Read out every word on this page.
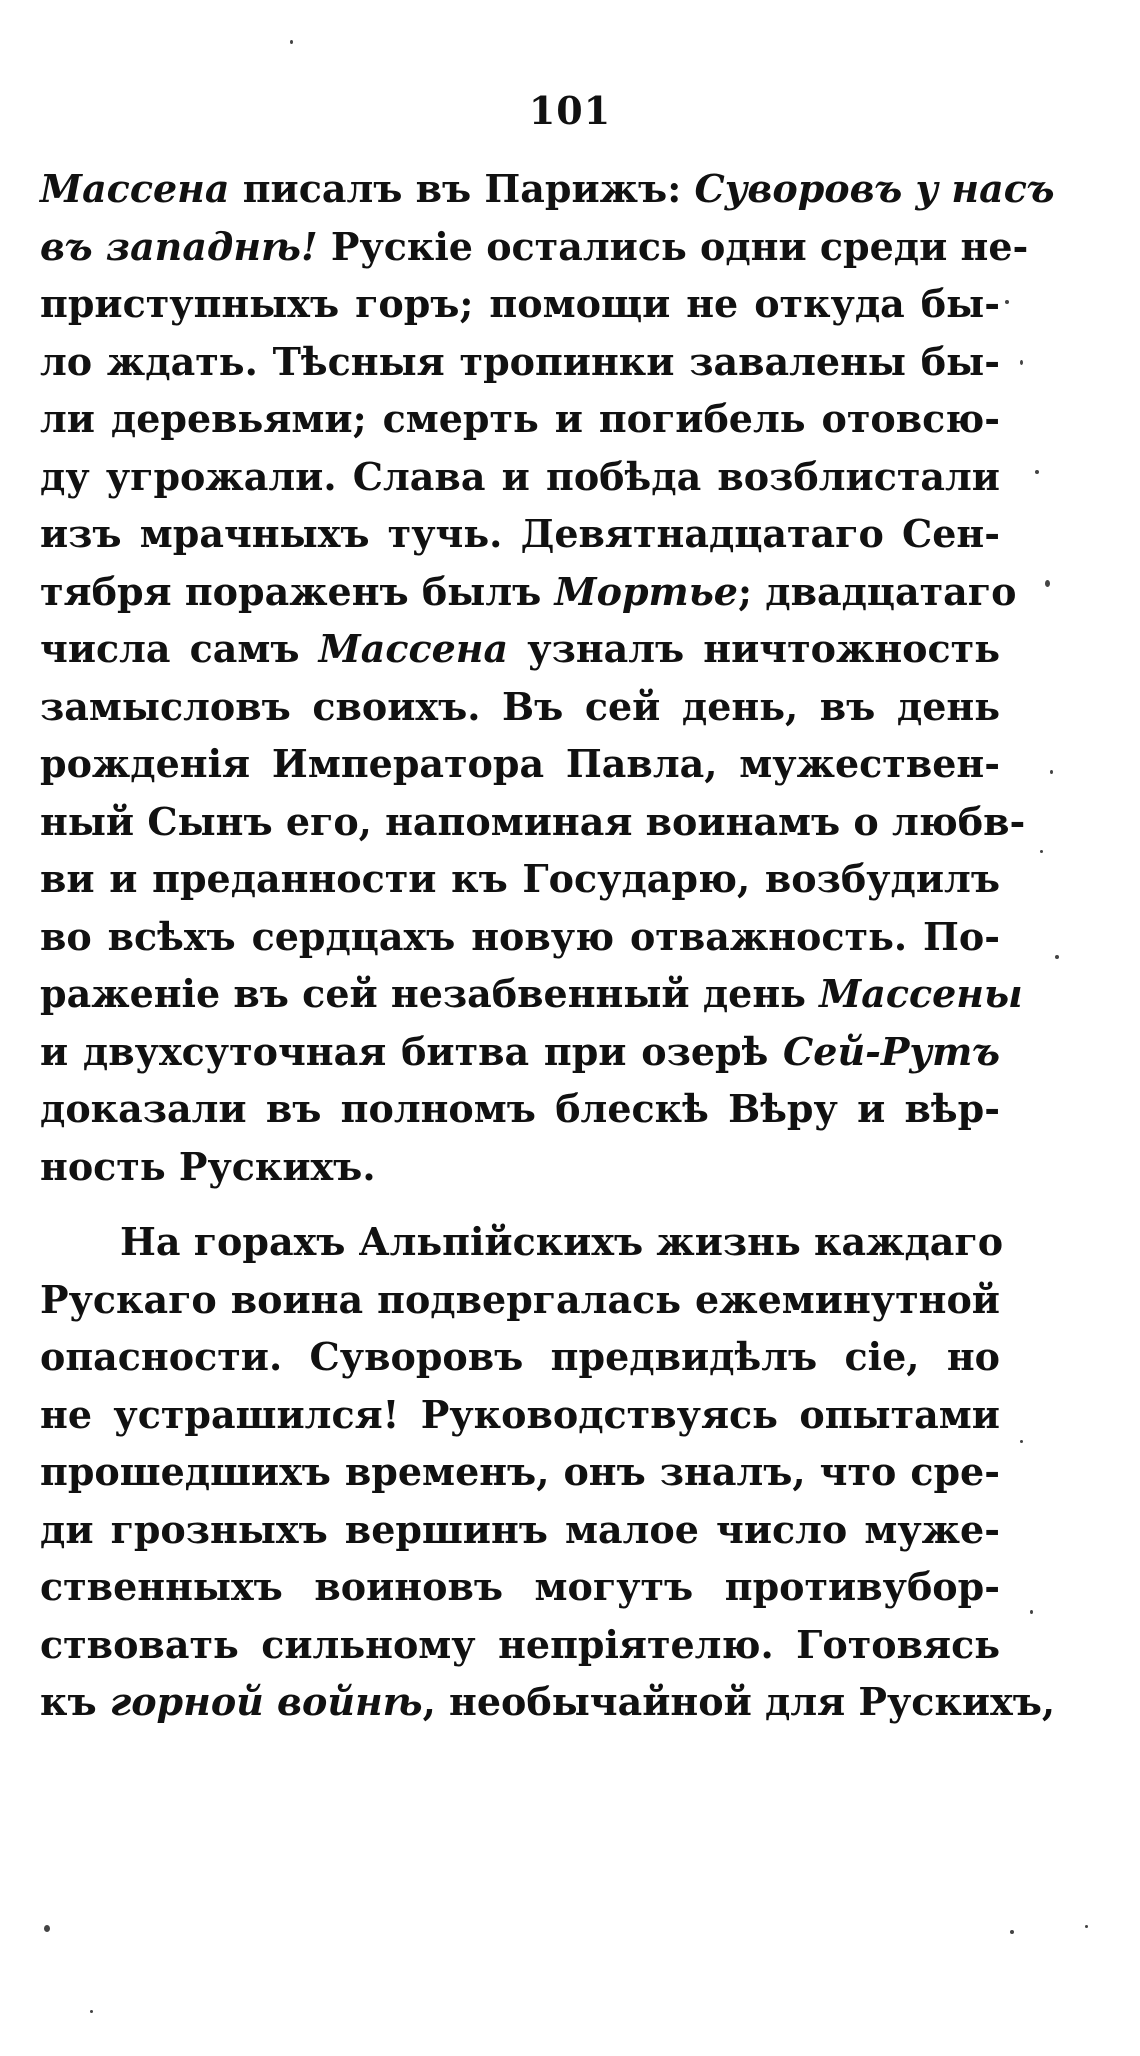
101
Массена писалъ въ Парижъ: Суворовъ у насъ
въ западнѣ! Рускіе остались одни среди не-
приступныхъ горъ; помощи не откуда бы-
ло ждать. Тѣсныя тропинки завалены бы-
ли деревьями; смерть и погибель отовсю-
ду угрожали. Слава и побѣда возблистали
изъ мрачныхъ тучь. Девятнадцатаго Сен-
тября пораженъ былъ Мортье; двадцатаго
числа самъ Массена узналъ ничтожность
замысловъ своихъ. Въ сей день, въ день
рожденія Императора Павла, мужествен-
ный Сынъ его, напоминая воинамъ о любв-
ви и преданности къ Государю, возбудилъ
во всѣхъ сердцахъ новую отважность. По-
раженіе въ сей незабвенный день Массены
и двухсуточная битва при озерѣ Сей-Рутъ
доказали въ полномъ блескѣ Вѣру и вѣр-
ность Рускихъ.
На горахъ Альпійскихъ жизнь каждаго
Рускаго воина подвергалась ежеминутной
опасности. Суворовъ предвидѣлъ сіе, но
не устрашился! Руководствуясь опытами
прошедшихъ временъ, онъ зналъ, что сре-
ди грозныхъ вершинъ малое число муже-
ственныхъ воиновъ могутъ противубор-
ствовать сильному непріятелю. Готовясь
къ горной войнѣ, необычайной для Рускихъ,
